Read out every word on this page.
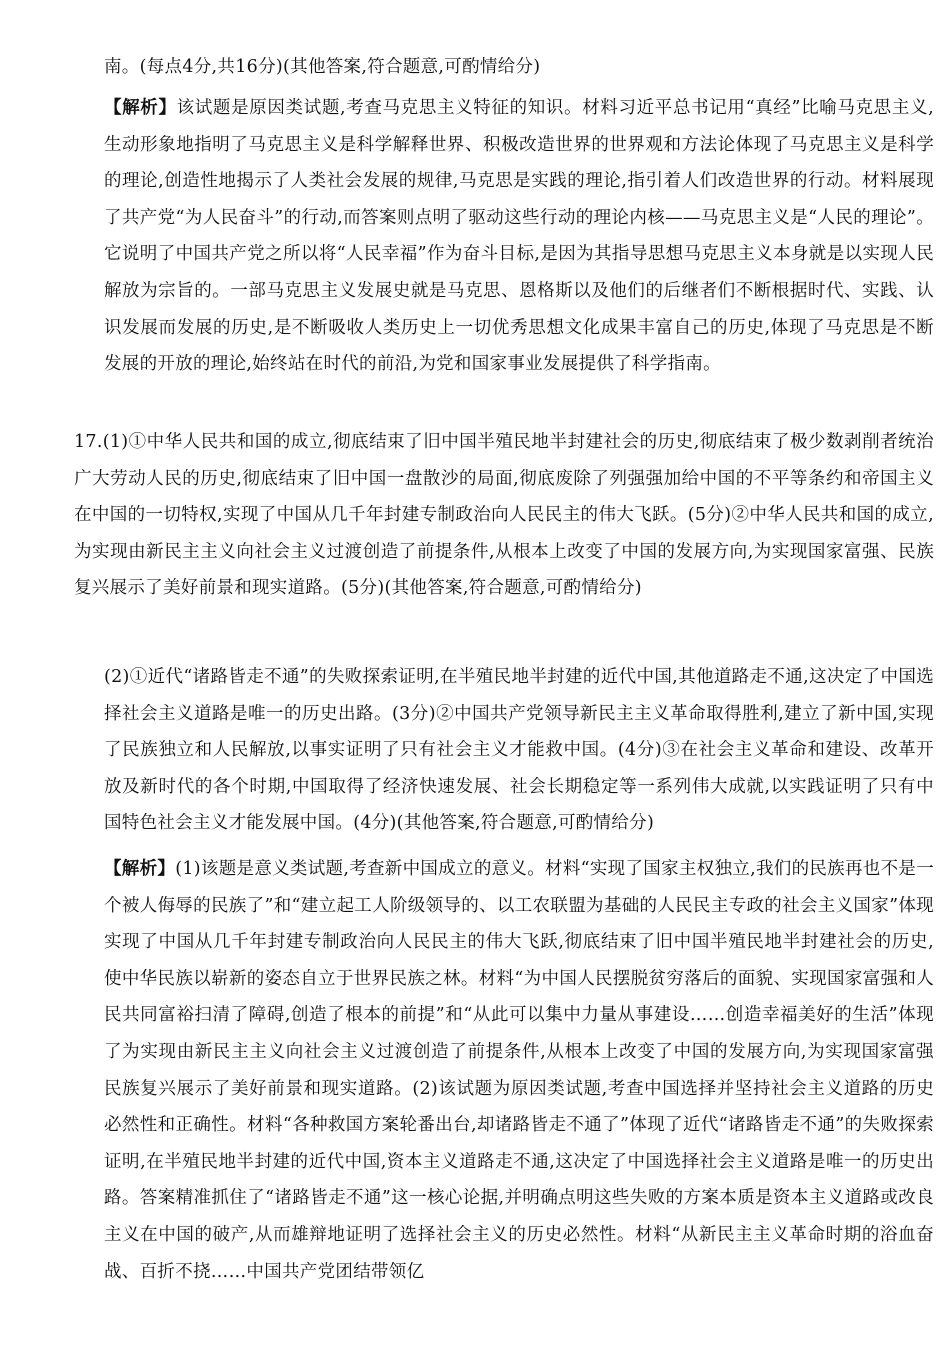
南。(每点4分,共16分)(其他答案,符合题意,可酌情给分)

【解析】该试题是原因类试题,考查马克思主义特征的知识。材料习近平总书记用“真经”比喻马克思主义,生动形象地指明了马克思主义是科学解释世界、积极改造世界的世界观和方法论体现了马克思主义是科学的理论,创造性地揭示了人类社会发展的规律,马克思是实践的理论,指引着人们改造世界的行动。材料展现了共产党“为人民奋斗”的行动,而答案则点明了驱动这些行动的理论内核——马克思主义是“人民的理论”。它说明了中国共产党之所以将“人民幸福”作为奋斗目标,是因为其指导思想马克思主义本身就是以实现人民解放为宗旨的。一部马克思主义发展史就是马克思、恩格斯以及他们的后继者们不断根据时代、实践、认识发展而发展的历史,是不断吸收人类历史上一切优秀思想文化成果丰富自己的历史,体现了马克思是不断发展的开放的理论,始终站在时代的前沿,为党和国家事业发展提供了科学指南。

17.(1)①中华人民共和国的成立,彻底结束了旧中国半殖民地半封建社会的历史,彻底结束了极少数剥削者统治广大劳动人民的历史,彻底结束了旧中国一盘散沙的局面,彻底废除了列强强加给中国的不平等条约和帝国主义在中国的一切特权,实现了中国从几千年封建专制政治向人民民主的伟大飞跃。(5分)②中华人民共和国的成立,为实现由新民主主义向社会主义过渡创造了前提条件,从根本上改变了中国的发展方向,为实现国家富强、民族复兴展示了美好前景和现实道路。(5分)(其他答案,符合题意,可酌情给分)

(2)①近代“诸路皆走不通”的失败探索证明,在半殖民地半封建的近代中国,其他道路走不通,这决定了中国选择社会主义道路是唯一的历史出路。(3分)②中国共产党领导新民主主义革命取得胜利,建立了新中国,实现了民族独立和人民解放,以事实证明了只有社会主义才能救中国。(4分)③在社会主义革命和建设、改革开放及新时代的各个时期,中国取得了经济快速发展、社会长期稳定等一系列伟大成就,以实践证明了只有中国特色社会主义才能发展中国。(4分)(其他答案,符合题意,可酌情给分)

【解析】(1)该题是意义类试题,考查新中国成立的意义。材料“实现了国家主权独立,我们的民族再也不是一个被人侮辱的民族了”和“建立起工人阶级领导的、以工农联盟为基础的人民民主专政的社会主义国家”体现实现了中国从几千年封建专制政治向人民民主的伟大飞跃,彻底结束了旧中国半殖民地半封建社会的历史,使中华民族以崭新的姿态自立于世界民族之林。材料“为中国人民摆脱贫穷落后的面貌、实现国家富强和人民共同富裕扫清了障碍,创造了根本的前提”和“从此可以集中力量从事建设……创造幸福美好的生活”体现了为实现由新民主主义向社会主义过渡创造了前提条件,从根本上改变了中国的发展方向,为实现国家富强民族复兴展示了美好前景和现实道路。(2)该试题为原因类试题,考查中国选择并坚持社会主义道路的历史必然性和正确性。材料“各种救国方案轮番出台,却诸路皆走不通了”体现了近代“诸路皆走不通”的失败探索证明,在半殖民地半封建的近代中国,资本主义道路走不通,这决定了中国选择社会主义道路是唯一的历史出路。答案精准抓住了“诸路皆走不通”这一核心论据,并明确点明这些失败的方案本质是资本主义道路或改良主义在中国的破产,从而雄辩地证明了选择社会主义的历史必然性。材料“从新民主主义革命时期的浴血奋战、百折不挠……中国共产党团结带领亿
